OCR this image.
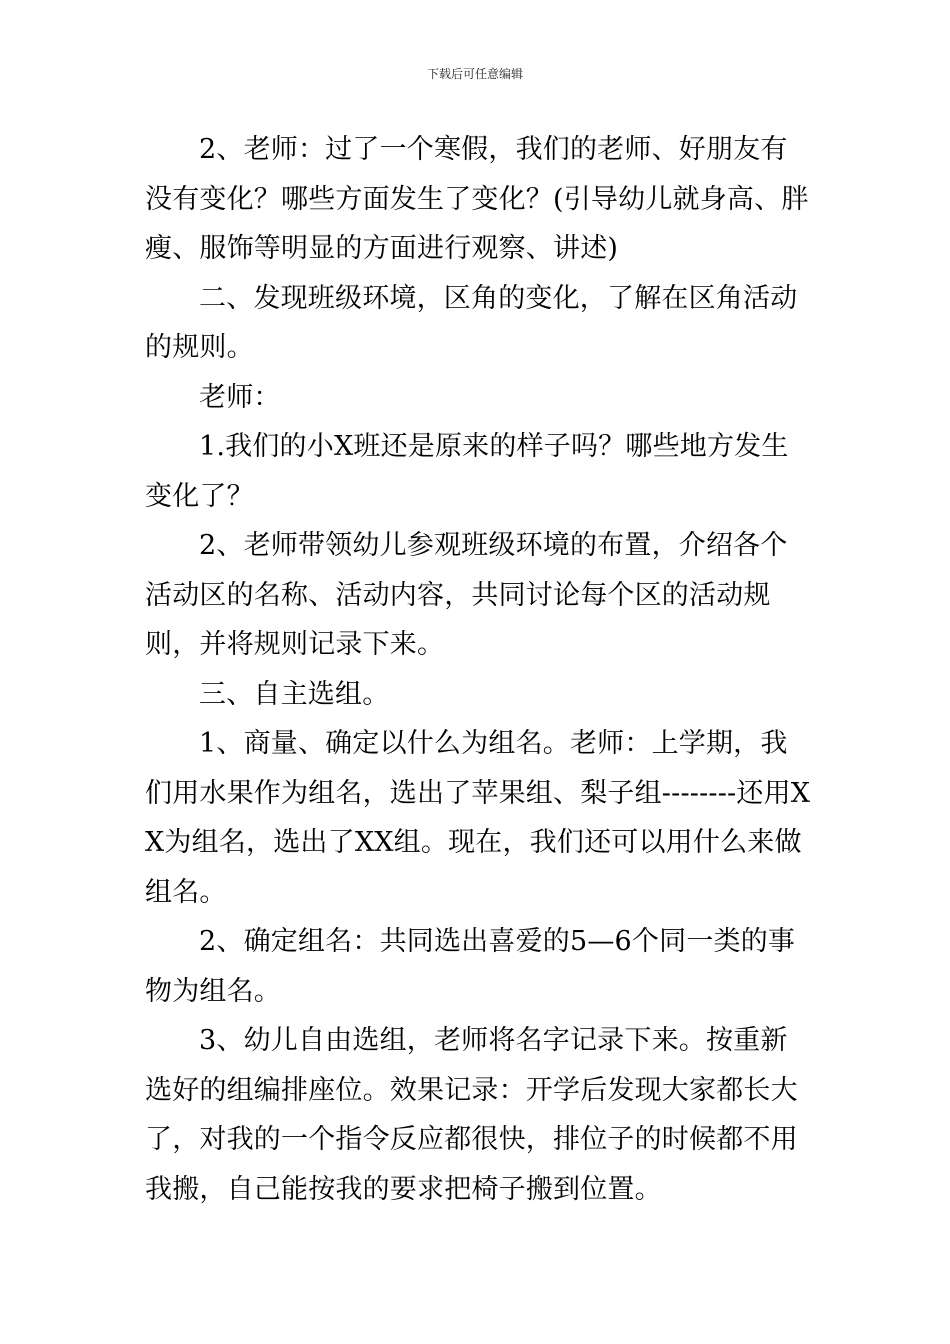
下载后可任意编辑

2、老师：过了一个寒假，我们的老师、好朋友有没有变化？哪些方面发生了变化？(引导幼儿就身高、胖瘦、服饰等明显的方面进行观察、讲述)

二、发现班级环境，区角的变化，了解在区角活动的规则。

老师：

1.我们的小X班还是原来的样子吗？哪些地方发生变化了？

2、老师带领幼儿参观班级环境的布置，介绍各个活动区的名称、活动内容，共同讨论每个区的活动规则，并将规则记录下来。

三、自主选组。

1、商量、确定以什么为组名。老师：上学期，我们用水果作为组名，选出了苹果组、梨子组--------还用XX为组名，选出了XX组。现在，我们还可以用什么来做组名。

2、确定组名：共同选出喜爱的5—6个同一类的事物为组名。

3、幼儿自由选组，老师将名字记录下来。按重新选好的组编排座位。效果记录：开学后发现大家都长大了，对我的一个指令反应都很快，排位子的时候都不用我搬，自己能按我的要求把椅子搬到位置。
